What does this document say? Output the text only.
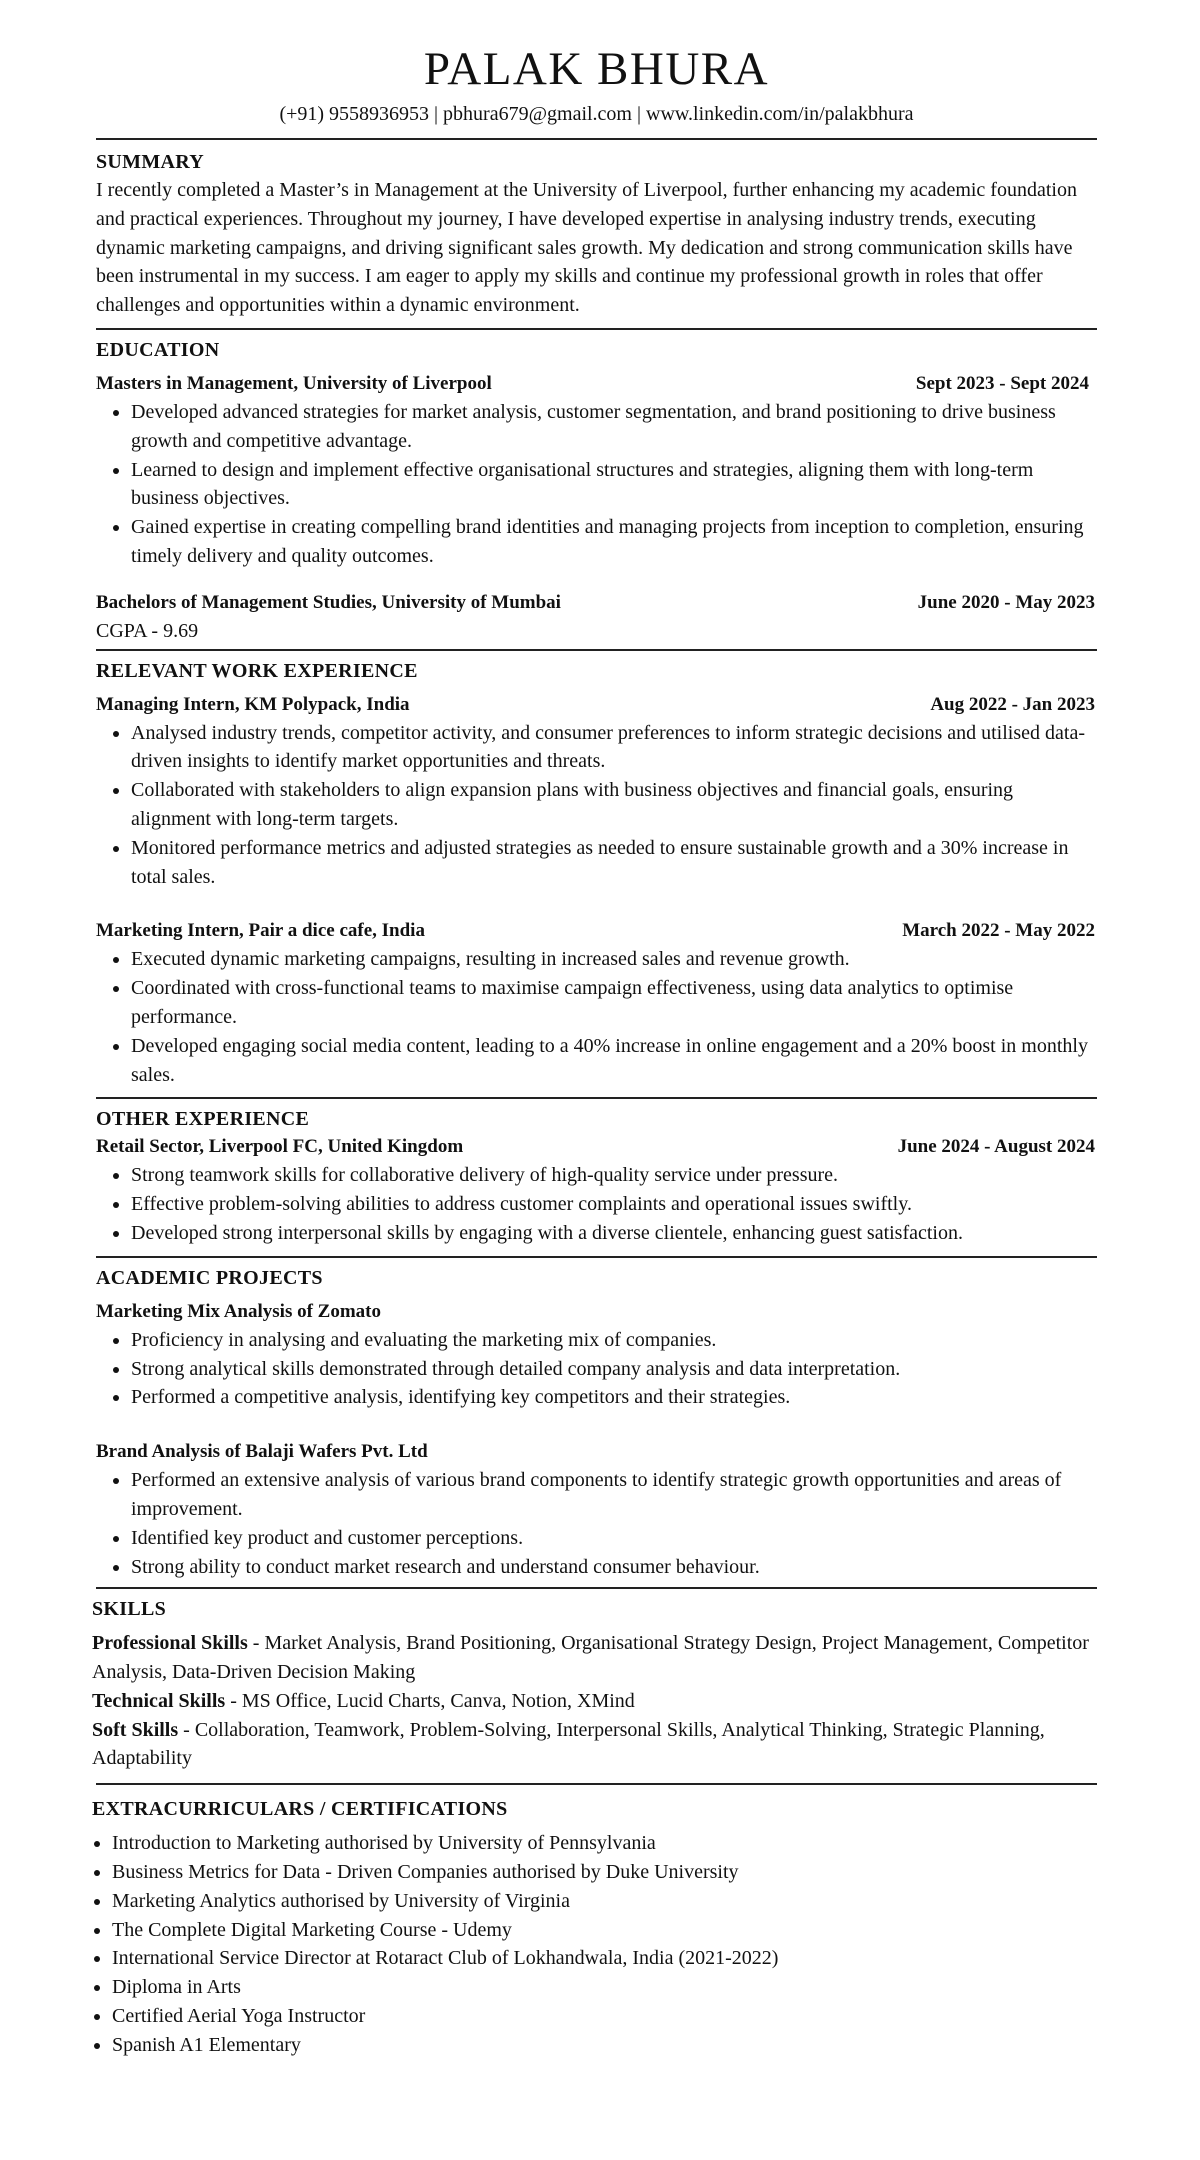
PALAK BHURA
(+91) 9558936953 | pbhura679@gmail.com | www.linkedin.com/in/palakbhura
SUMMARY

I recently completed a Master’s in Management at the University of Liverpool, further enhancing my academic foundation and practical experiences. Throughout my journey, I have developed expertise in analysing industry trends, executing dynamic marketing campaigns, and driving significant sales growth. My dedication and strong communication skills have been instrumental in my success. I am eager to apply my skills and continue my professional growth in roles that offer challenges and opportunities within a dynamic environment.

EDUCATION
Masters in Management, University of Liverpool	Sept 2023 - Sept 2024
• Developed advanced strategies for market analysis, customer segmentation, and brand positioning to drive business growth and competitive advantage.
• Learned to design and implement effective organisational structures and strategies, aligning them with long-term business objectives.
• Gained expertise in creating compelling brand identities and managing projects from inception to completion, ensuring timely delivery and quality outcomes.
Bachelors of Management Studies, University of Mumbai	June 2020 - May 2023

CGPA - 9.69

RELEVANT WORK EXPERIENCE
Managing Intern, KM Polypack, India	Aug 2022 - Jan 2023
• Analysed industry trends, competitor activity, and consumer preferences to inform strategic decisions and utilised data-driven insights to identify market opportunities and threats.
• Collaborated with stakeholders to align expansion plans with business objectives and financial goals, ensuring alignment with long-term targets.
• Monitored performance metrics and adjusted strategies as needed to ensure sustainable growth and a 30% increase in total sales.
Marketing Intern, Pair a dice cafe, India	March 2022 - May 2022
• Executed dynamic marketing campaigns, resulting in increased sales and revenue growth.
• Coordinated with cross-functional teams to maximise campaign effectiveness, using data analytics to optimise performance.
• Developed engaging social media content, leading to a 40% increase in online engagement and a 20% boost in monthly sales.
OTHER EXPERIENCE
Retail Sector, Liverpool FC, United Kingdom	June 2024 - August 2024
• Strong teamwork skills for collaborative delivery of high-quality service under pressure.
• Effective problem-solving abilities to address customer complaints and operational issues swiftly.
• Developed strong interpersonal skills by engaging with a diverse clientele, enhancing guest satisfaction.
ACADEMIC PROJECTS
Marketing Mix Analysis of Zomato
• Proficiency in analysing and evaluating the marketing mix of companies.
• Strong analytical skills demonstrated through detailed company analysis and data interpretation.
• Performed a competitive analysis, identifying key competitors and their strategies.
Brand Analysis of Balaji Wafers Pvt. Ltd
• Performed an extensive analysis of various brand components to identify strategic growth opportunities and areas of improvement.
• Identified key product and customer perceptions.
• Strong ability to conduct market research and understand consumer behaviour.
SKILLS

Professional Skills - Market Analysis, Brand Positioning, Organisational Strategy Design, Project Management, Competitor Analysis, Data-Driven Decision Making

Technical Skills - MS Office, Lucid Charts, Canva, Notion, XMind

Soft Skills - Collaboration, Teamwork, Problem-Solving, Interpersonal Skills, Analytical Thinking, Strategic Planning, Adaptability

EXTRACURRICULARS / CERTIFICATIONS
• Introduction to Marketing authorised by University of Pennsylvania
• Business Metrics for Data - Driven Companies authorised by Duke University
• Marketing Analytics authorised by University of Virginia
• The Complete Digital Marketing Course - Udemy
• International Service Director at Rotaract Club of Lokhandwala, India (2021-2022)
• Diploma in Arts
• Certified Aerial Yoga Instructor
• Spanish A1 Elementary
